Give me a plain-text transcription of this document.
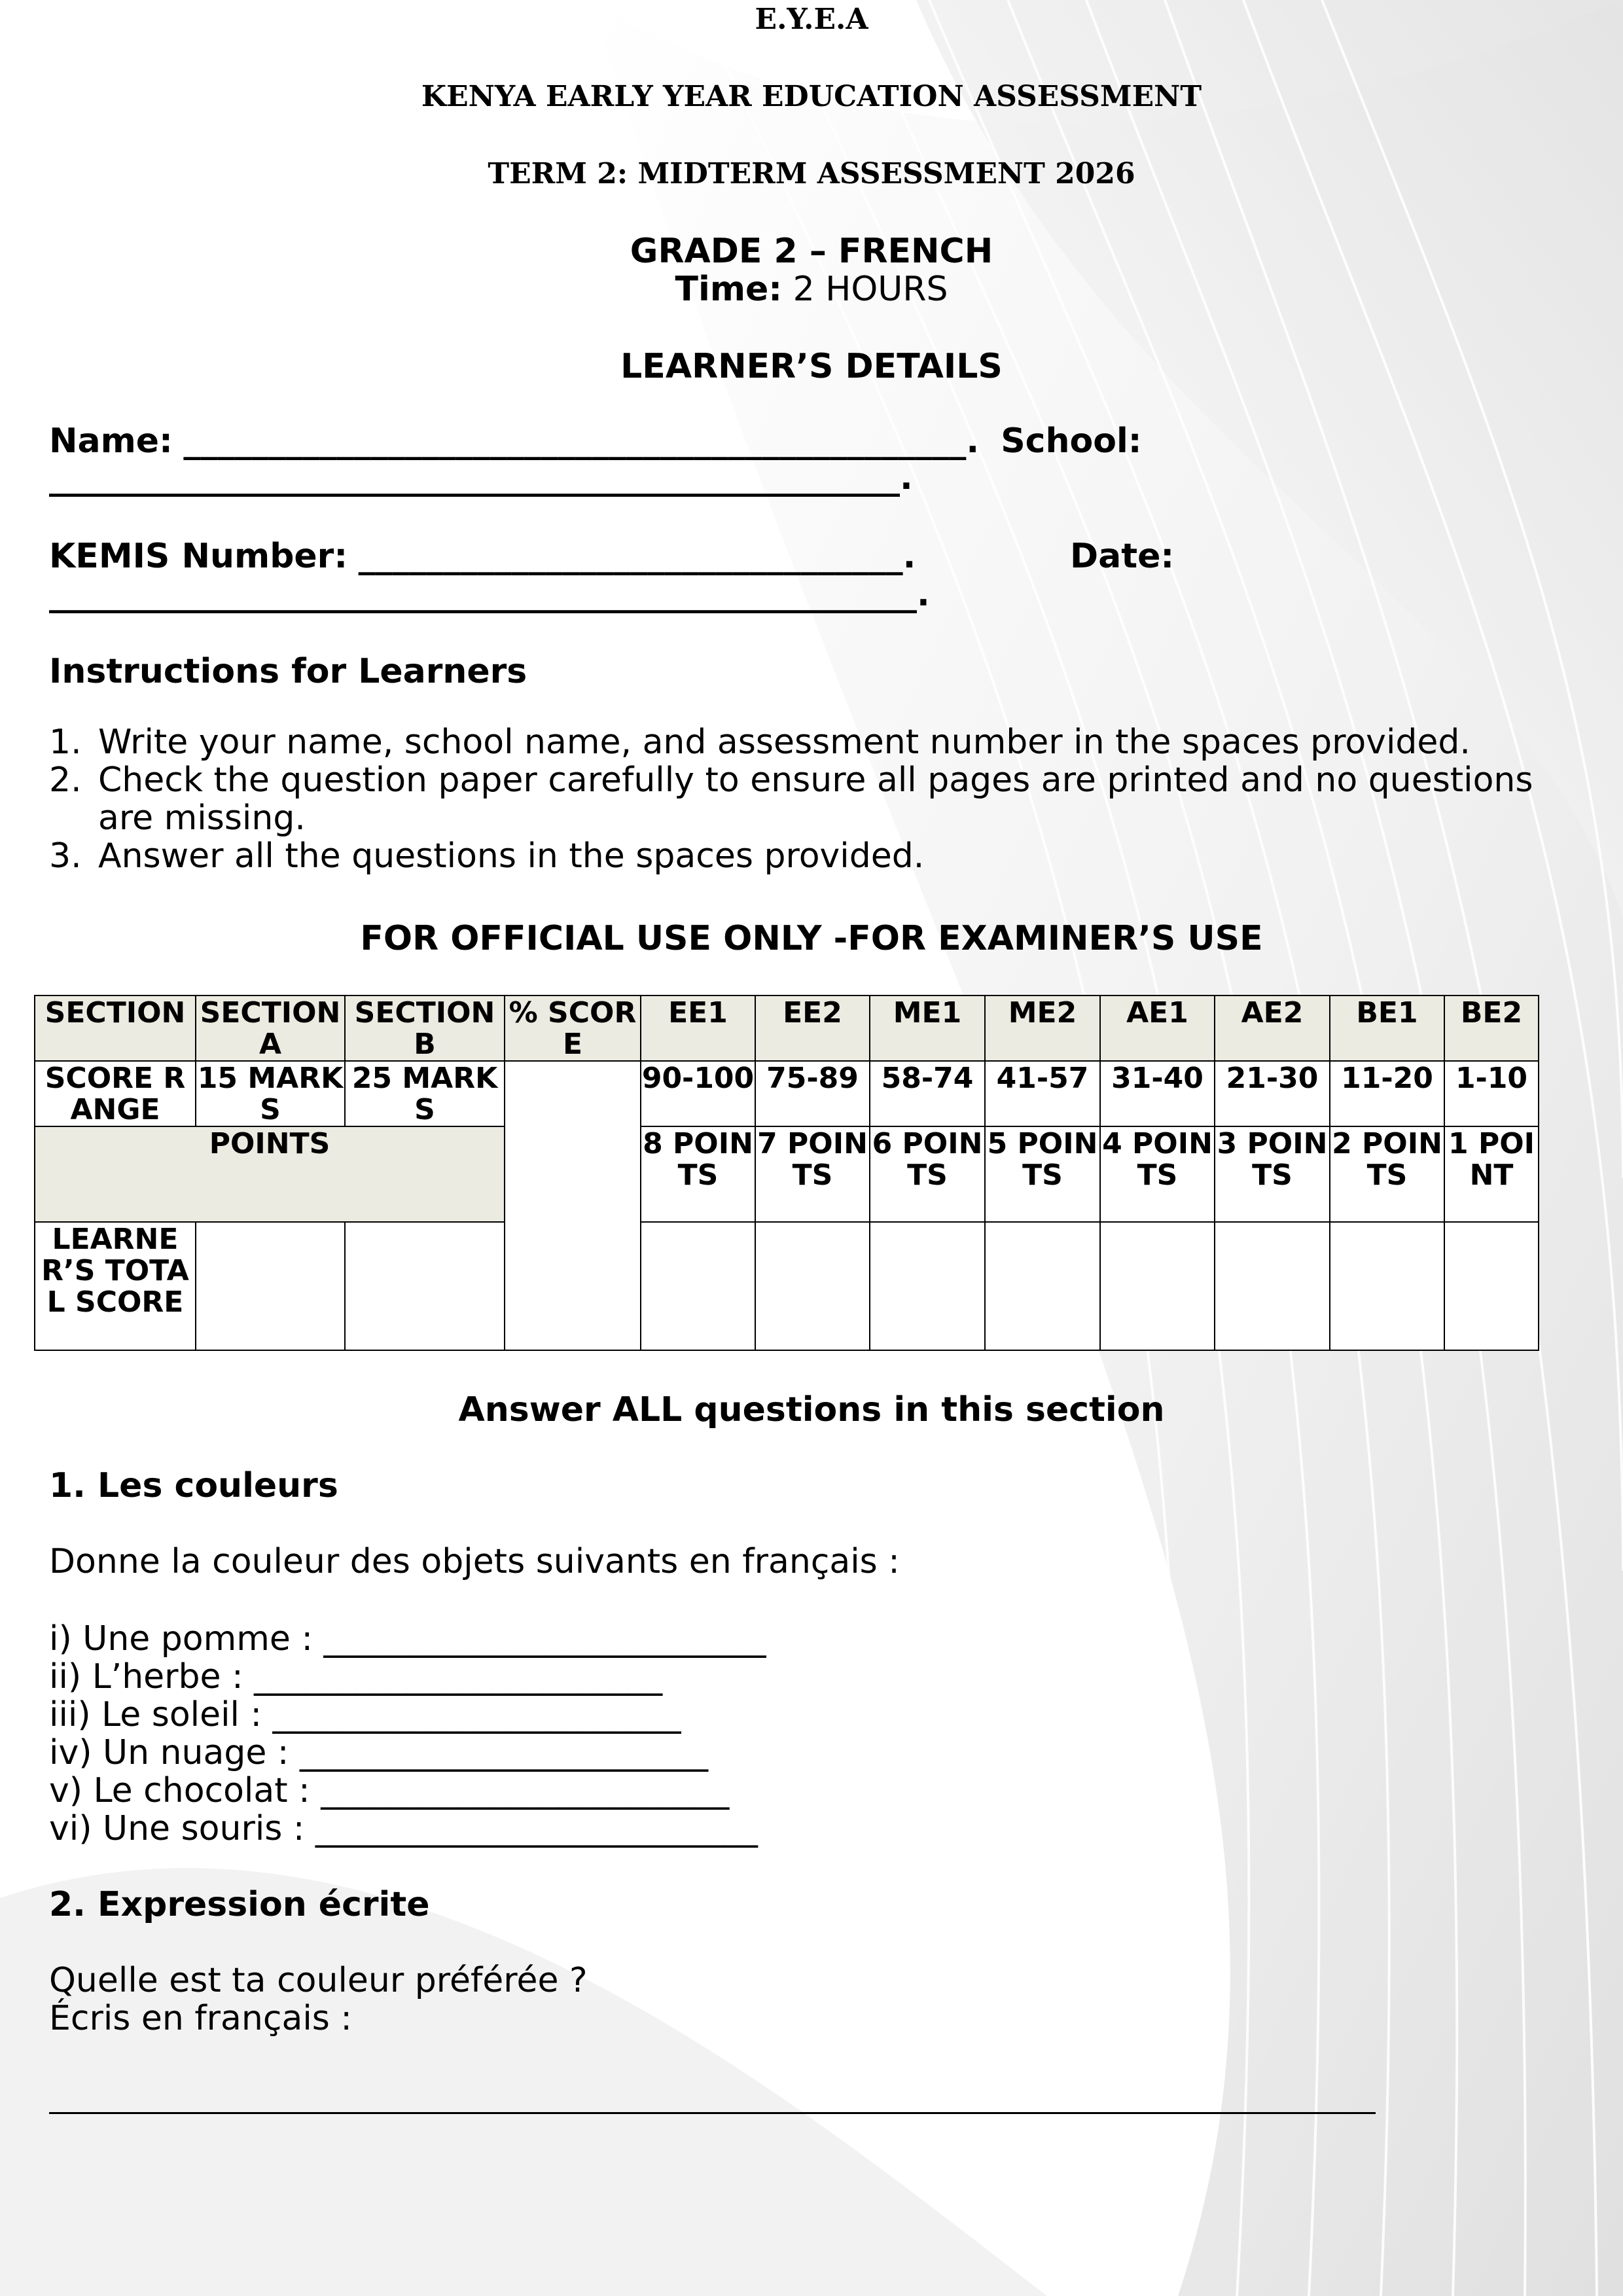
E.Y.E.A
KENYA EARLY YEAR EDUCATION ASSESSMENT
TERM 2: MIDTERM ASSESSMENT 2026
GRADE 2 – FRENCH
Time: 2 HOURS
LEARNER’S DETAILS
Name: ______________________________________________. School:
__________________________________________________.
KEMIS Number: ________________________________.	Date:
___________________________________________________.
Instructions for Learners
1. Write your name, school name, and assessment number in the spaces provided.
2. Check the question paper carefully to ensure all pages are printed and no questions are missing.
3. Answer all the questions in the spaces provided.
FOR OFFICIAL USE ONLY -FOR EXAMINER’S USE
SECTION	SECTION A	SECTION B	% SCORE	EE1	EE2	ME1	ME2	AE1	AE2	BE1	BE2
SCORE RANGE	15 MARKS	25 MARKS		90-100	75-89	58-74	41-57	31-40	21-30	11-20	1-10
POINTS				8 POINTS	7 POINTS	6 POINTS	5 POINTS	4 POINTS	3 POINTS	2 POINTS	1 POINT
LEARNER’S TOTAL SCORE											
Answer ALL questions in this section
1. Les couleurs
Donne la couleur des objets suivants en français :
i) Une pomme : __________________________
ii) L’herbe : ________________________
iii) Le soleil : ________________________
iv) Un nuage : ________________________
v) Le chocolat : ________________________
vi) Une souris : __________________________
2. Expression écrite
Quelle est ta couleur préférée ?
Écris en français :
